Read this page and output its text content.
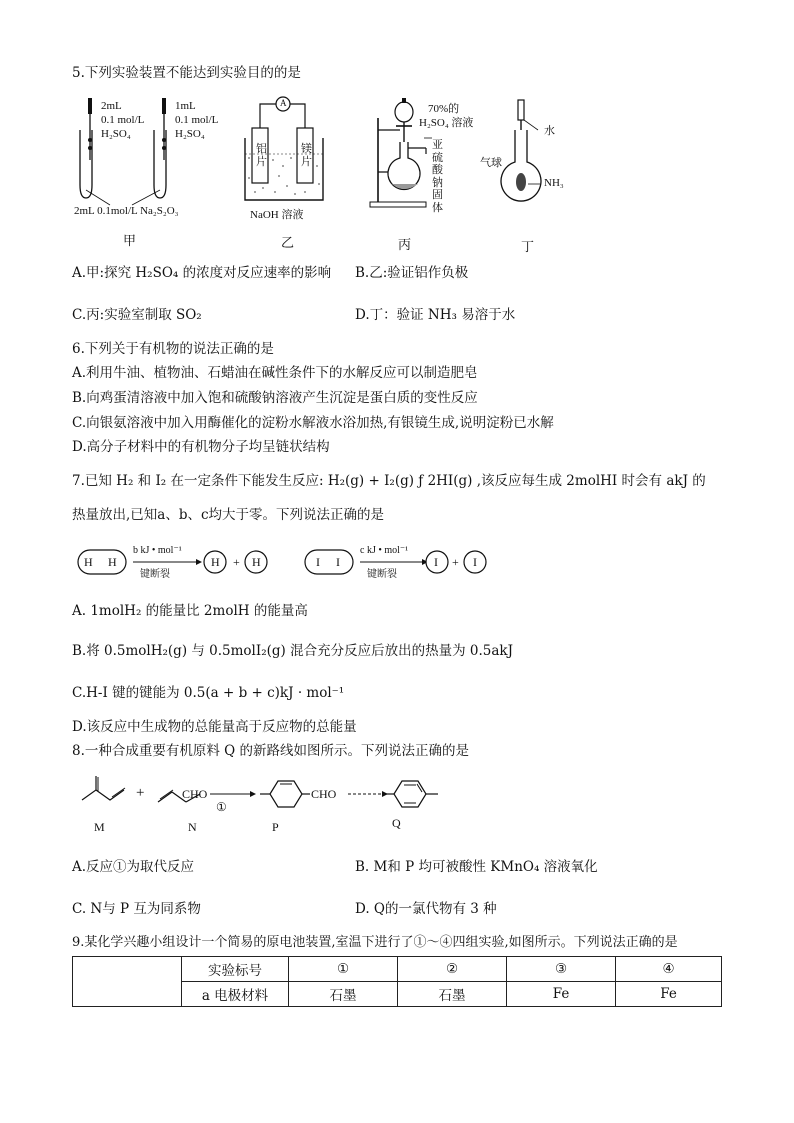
5.下列实验装置不能达到实验目的的是
2mL
0.1 mol/L
H₂SO₄
1mL
0.1 mol/L
H₂SO₄
2mL 0.1mol/L Na₂S₂O₃
甲
A
铝
片
镁
片
NaOH 溶液
乙
70%的
H₂SO₄ 溶液
亚硫酸钠固体
丙
水
气球
NH₃
丁
A.甲:探究 H₂SO₄ 的浓度对反应速率的影响 B.乙:验证铝作负极
C.丙:实验室制取 SO₂	D.丁：验证 NH₃ 易溶于水
6.下列关于有机物的说法正确的是
A.利用牛油、植物油、石蜡油在碱性条件下的水解反应可以制造肥皂
B.向鸡蛋清溶液中加入饱和硫酸钠溶液产生沉淀是蛋白质的变性反应
C.向银氨溶液中加入用酶催化的淀粉水解液水浴加热,有银镜生成,说明淀粉已水解
D.高分子材料中的有机物分子均呈链状结构
7.已知 H₂ 和 I₂ 在一定条件下能发生反应: H₂(g) + I₂(g) ƒ 2HI(g) ,该反应每生成 2molHI 时会有 akJ 的
热量放出,已知a、b、c均大于零。下列说法正确的是
H H
b kJ • mol⁻¹
键断裂
H + H	I I
c kJ • mol⁻¹
键断裂
I + I
A. 1molH₂ 的能量比 2molH 的能量高
B.将 0.5molH₂(g) 与 0.5molI₂(g) 混合充分反应后放出的热量为 0.5akJ
C.H-I 键的键能为 0.5(a + b + c)kJ · mol⁻¹
D.该反应中生成物的总能量高于反应物的总能量
8.一种合成重要有机原料 Q 的新路线如图所示。下列说法正确的是
+	CHO
①
CHO
M	N	P	Q
A.反应①为取代反应	B. M和 P 均可被酸性 KMnO₄ 溶液氧化
C. N与 P 互为同系物	D. Q的一氯代物有 3 种
9.某化学兴趣小组设计一个简易的原电池装置,室温下进行了①～④四组实验,如图所示。下列说法正确的是
	实验标号	①	②	③	④
	a 电极材料	石墨	石墨	Fe	Fe
